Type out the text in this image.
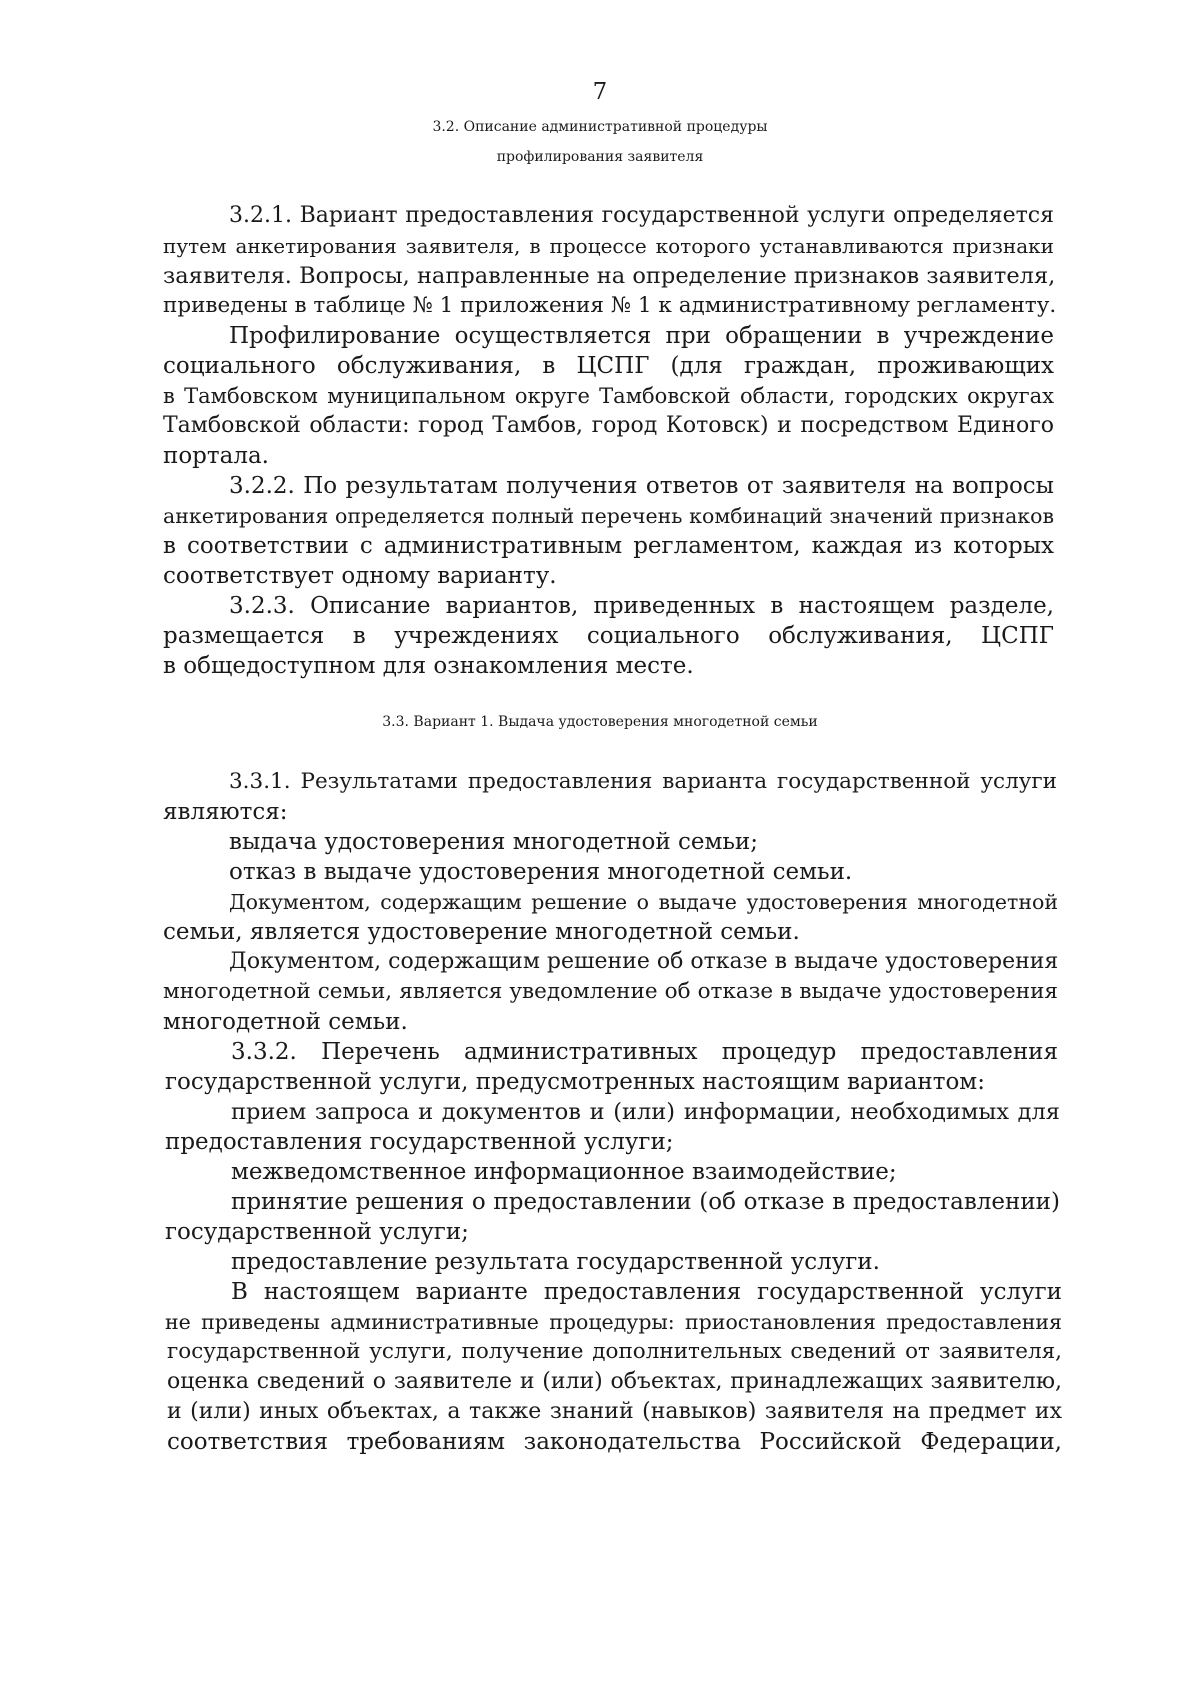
7
3.2. Описание административной процедуры
профилирования заявителя
3.2.1. Вариант предоставления государственной услуги определяется
путем анкетирования заявителя, в процессе которого устанавливаются признаки
заявителя. Вопросы, направленные на определение признаков заявителя,
приведены в таблице № 1 приложения № 1 к административному регламенту.
Профилирование осуществляется при обращении в учреждение
социального обслуживания, в ЦСПГ (для граждан, проживающих
в Тамбовском муниципальном округе Тамбовской области, городских округах
Тамбовской области: город Тамбов, город Котовск) и посредством Единого
портала.
3.2.2. По результатам получения ответов от заявителя на вопросы
анкетирования определяется полный перечень комбинаций значений признаков
в соответствии с административным регламентом, каждая из которых
соответствует одному варианту.
3.2.3. Описание вариантов, приведенных в настоящем разделе,
размещается в учреждениях социального обслуживания, ЦСПГ
в общедоступном для ознакомления месте.
3.3. Вариант 1. Выдача удостоверения многодетной семьи
3.3.1. Результатами предоставления варианта государственной услуги
являются:
выдача удостоверения многодетной семьи;
отказ в выдаче удостоверения многодетной семьи.
Документом, содержащим решение о выдаче удостоверения многодетной
семьи, является удостоверение многодетной семьи.
Документом, содержащим решение об отказе в выдаче удостоверения
многодетной семьи, является уведомление об отказе в выдаче удостоверения
многодетной семьи.
3.3.2. Перечень административных процедур предоставления
государственной услуги, предусмотренных настоящим вариантом:
прием запроса и документов и (или) информации, необходимых для
предоставления государственной услуги;
межведомственное информационное взаимодействие;
принятие решения о предоставлении (об отказе в предоставлении)
государственной услуги;
предоставление результата государственной услуги.
В настоящем варианте предоставления государственной услуги
не приведены административные процедуры: приостановления предоставления
государственной услуги, получение дополнительных сведений от заявителя,
оценка сведений о заявителе и (или) объектах, принадлежащих заявителю,
и (или) иных объектах, а также знаний (навыков) заявителя на предмет их
соответствия требованиям законодательства Российской Федерации,
